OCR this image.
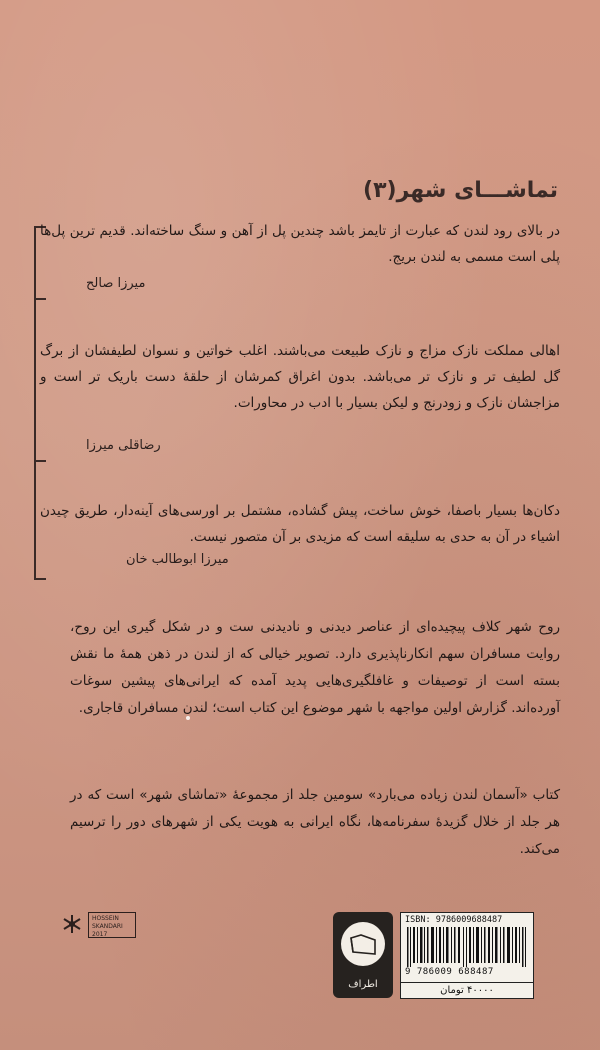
تماشـــای شهر(۳)
در بالای رود لندن که عبارت از تایمز باشد چندین پل از آهن و سنگ ساخته‌اند. قدیم ترین پل‌ها پلی است مسمی به لندن بریج.
میرزا صالح
اهالی مملکت نازک مزاج و نازک طبیعت می‌باشند. اغلب خواتین و نسوان لطیفشان از برگ گل لطیف تر و نازک تر می‌باشد. بدون اغراق کمرشان از حلقهٔ دست باریک تر است و مزاجشان نازک و زودرنج و لیکن بسیار با ادب در محاورات.
رضاقلی میرزا
دکان‌ها بسیار باصفا، خوش ساخت، پیش گشاده، مشتمل بر اورسی‌های آینه‌دار، طریق چیدن اشیاء در آن به حدی به سلیقه است که مزیدی بر آن متصور نیست.
میرزا ابوطالب خان
روح شهر کلاف پیچیده‌ای از عناصر دیدنی و نادیدنی ست و در شکل گیری این روح، روایت مسافران سهم انکارناپذیری دارد. تصویر خیالی که از لندن در ذهن همهٔ ما نقش بسته است از توصیفات و غافلگیری‌هایی پدید آمده که ایرانی‌های پیشین سوغات آورده‌اند. گزارش اولین مواجهه با شهر موضوع این کتاب است؛ لندن مسافران قاجاری.
کتاب «آسمان لندن زیاده می‌بارد» سومین جلد از مجموعهٔ «تماشای شهر» است که در هر جلد از خلال گزیدهٔ سفرنامه‌ها، نگاه ایرانی به هویت یکی از شهرهای دور را ترسیم می‌کند.
HOSSEIN SKANDARI
2017
اطراف
ISBN: 9786009688487
9 786009 688487
۴۰۰۰۰ تومان
